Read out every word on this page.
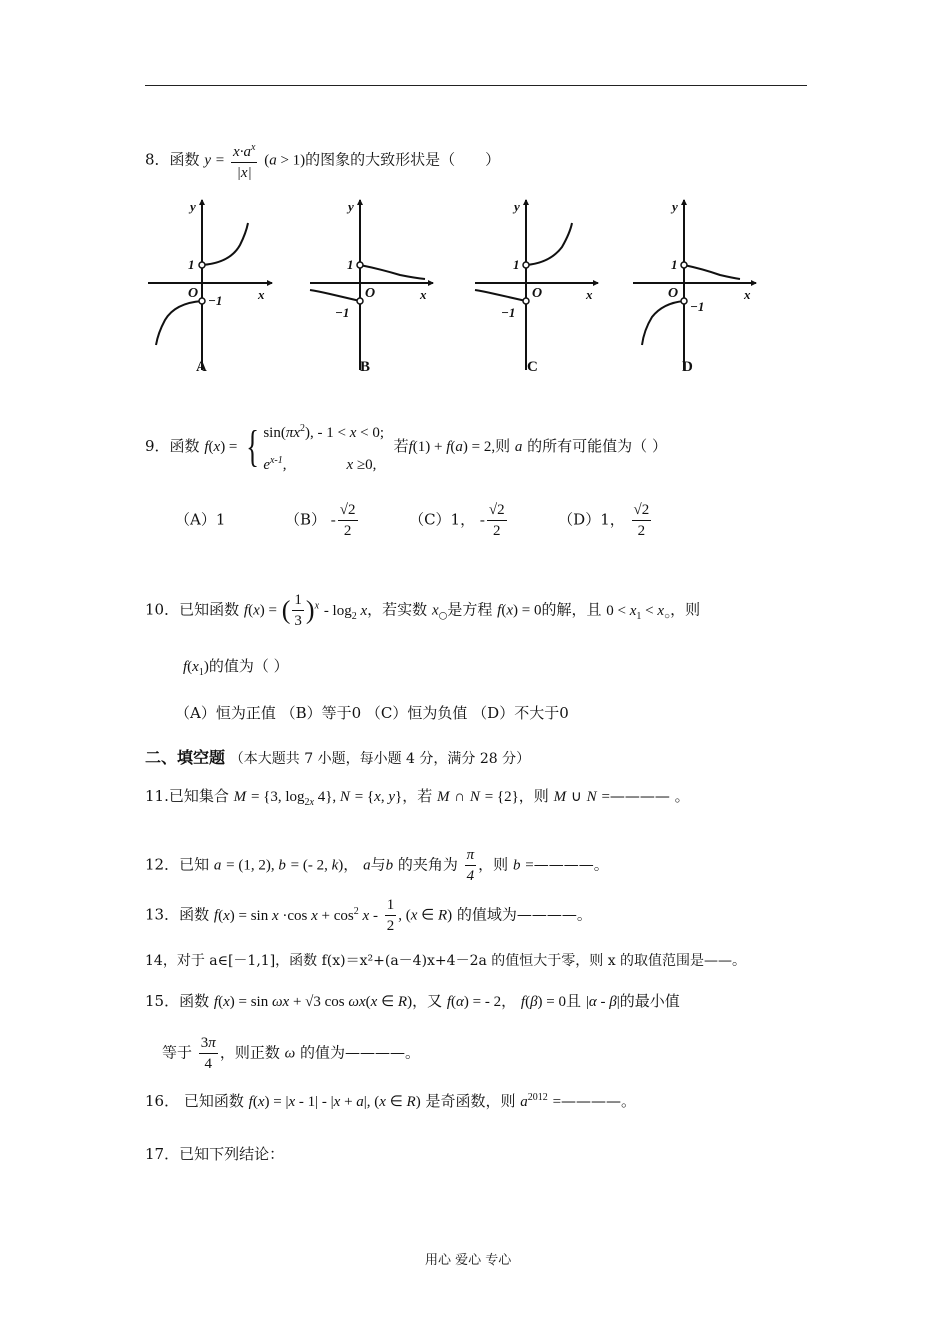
8．函数 $y = \frac{x\cdot a^x}{|x|} (a > 1)$的图象的大致形状是（　　）
y
x
O
1
−1
A
y
x
O
1
−1
B
y
x
O
1
−1
C
y
x
O
1
−1
D
9．函数 f(x) = { $\sin(\pi x^2)$, - 1 < x < 0;
$e^{x-1}$,                x ≥0,  若f(1) + f(a) = 2,则 a 的所有可能值为（ ）
（A）1	$(B) - \frac{√2}{2}$	（C）1， - $\frac{√2}{2}$	（D）1， $\frac{√2}{2}$
10．已知函数 f(x) = ( $\frac{1}{3} )^x - \log_2 x$，若实数 $x_○$是方程 f(x) = 0的解，且 $0 < x_1 < x_○$，则
$f(x_1)$的值为（ ）
（A）恒为正值 （B）等于0 （C）恒为负值 （D）不大于0
二、填空题 （本大题共 7 小题，每小题 4 分，满分 28 分）
11.已知集合 M = {3, $\log_{2x} 4$}, N = {x, y}，若 M ∩ N = {2}，则 M ∪ N =———— 。
12．已知 a = (1, 2), b = (- 2, k)， a与b 的夹角为 $\frac{\pi}{4}$ ，则 b =————。
13．函数 f(x) = sin x ·cos $x + \cos^2 x - \frac{1}{2}$ , (x ∈ R) 的值域为————。
14，对于 a∈[－1,1]，函数 f(x)＝x²+(a－4)x+4－2a 的值恒大于零，则 x 的取值范围是——。
15．函数 f(x) = sin ωx + √3 cos ωx(x ∈ R)，又 f(α) = - 2， f(β) = 0且 |α - β|的最小值
等于 $\frac{3\pi}{4}$ ，则正数 ω 的值为————。
16． 已知函数 f(x) = |x - 1| - |x + a|, (x ∈ R) 是奇函数，则 $a^{2012}$ =————。
17．已知下列结论：
用心 爱心 专心
